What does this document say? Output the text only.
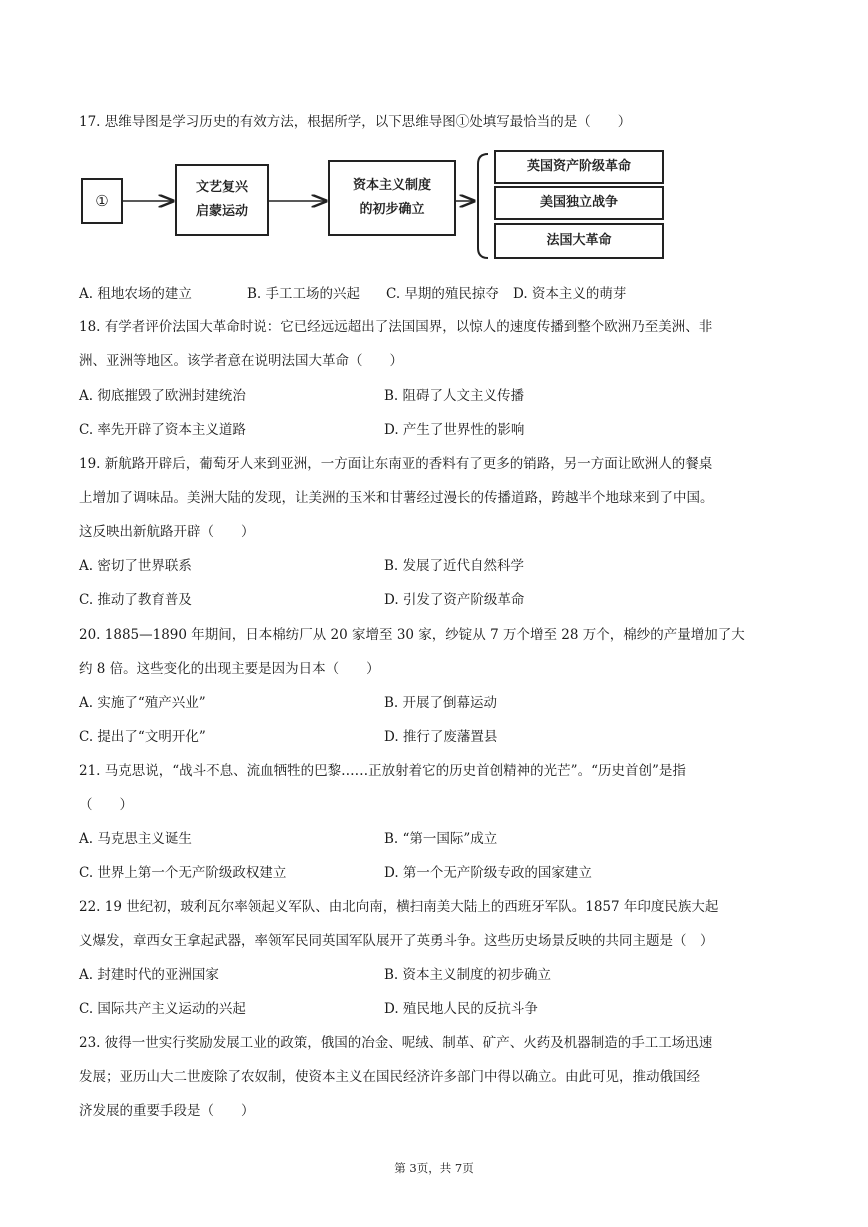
17. 思维导图是学习历史的有效方法，根据所学，以下思维导图①处填写最恰当的是（　　）
①
文艺复兴
启蒙运动
资本主义制度
的初步确立
英国资产阶级革命
美国独立战争
法国大革命
A. 租地农场的建立	B. 手工工场的兴起 C. 早期的殖民掠夺 D. 资本主义的萌芽
18. 有学者评价法国大革命时说：它已经远远超出了法国国界，以惊人的速度传播到整个欧洲乃至美洲、非
洲、亚洲等地区。该学者意在说明法国大革命（　　）
A. 彻底摧毁了欧洲封建统治	B. 阻碍了人文主义传播
C. 率先开辟了资本主义道路	D. 产生了世界性的影响
19. 新航路开辟后，葡萄牙人来到亚洲，一方面让东南亚的香料有了更多的销路，另一方面让欧洲人的餐桌
上增加了调味品。美洲大陆的发现，让美洲的玉米和甘薯经过漫长的传播道路，跨越半个地球来到了中国。
这反映出新航路开辟（　　）
A. 密切了世界联系	B. 发展了近代自然科学
C. 推动了教育普及	D. 引发了资产阶级革命
20. 1885—1890 年期间，日本棉纺厂从 20 家增至 30 家，纱锭从 7 万个增至 28 万个，棉纱的产量增加了大
约 8 倍。这些变化的出现主要是因为日本（　　）
A. 实施了“殖产兴业”	B. 开展了倒幕运动
C. 提出了“文明开化”	D. 推行了废藩置县
21. 马克思说，“战斗不息、流血牺牲的巴黎……正放射着它的历史首创精神的光芒”。“历史首创”是指
（　　）
A. 马克思主义诞生	B. “第一国际”成立
C. 世界上第一个无产阶级政权建立	D. 第一个无产阶级专政的国家建立
22. 19 世纪初，玻利瓦尔率领起义军队、由北向南，横扫南美大陆上的西班牙军队。1857 年印度民族大起
义爆发，章西女王拿起武器，率领军民同英国军队展开了英勇斗争。这些历史场景反映的共同主题是（　）
A. 封建时代的亚洲国家	B. 资本主义制度的初步确立
C. 国际共产主义运动的兴起	D. 殖民地人民的反抗斗争
23. 彼得一世实行奖励发展工业的政策，俄国的冶金、呢绒、制革、矿产、火药及机器制造的手工工场迅速
发展；亚历山大二世废除了农奴制，使资本主义在国民经济许多部门中得以确立。由此可见，推动俄国经
济发展的重要手段是（　　）
第 3页，共 7页
